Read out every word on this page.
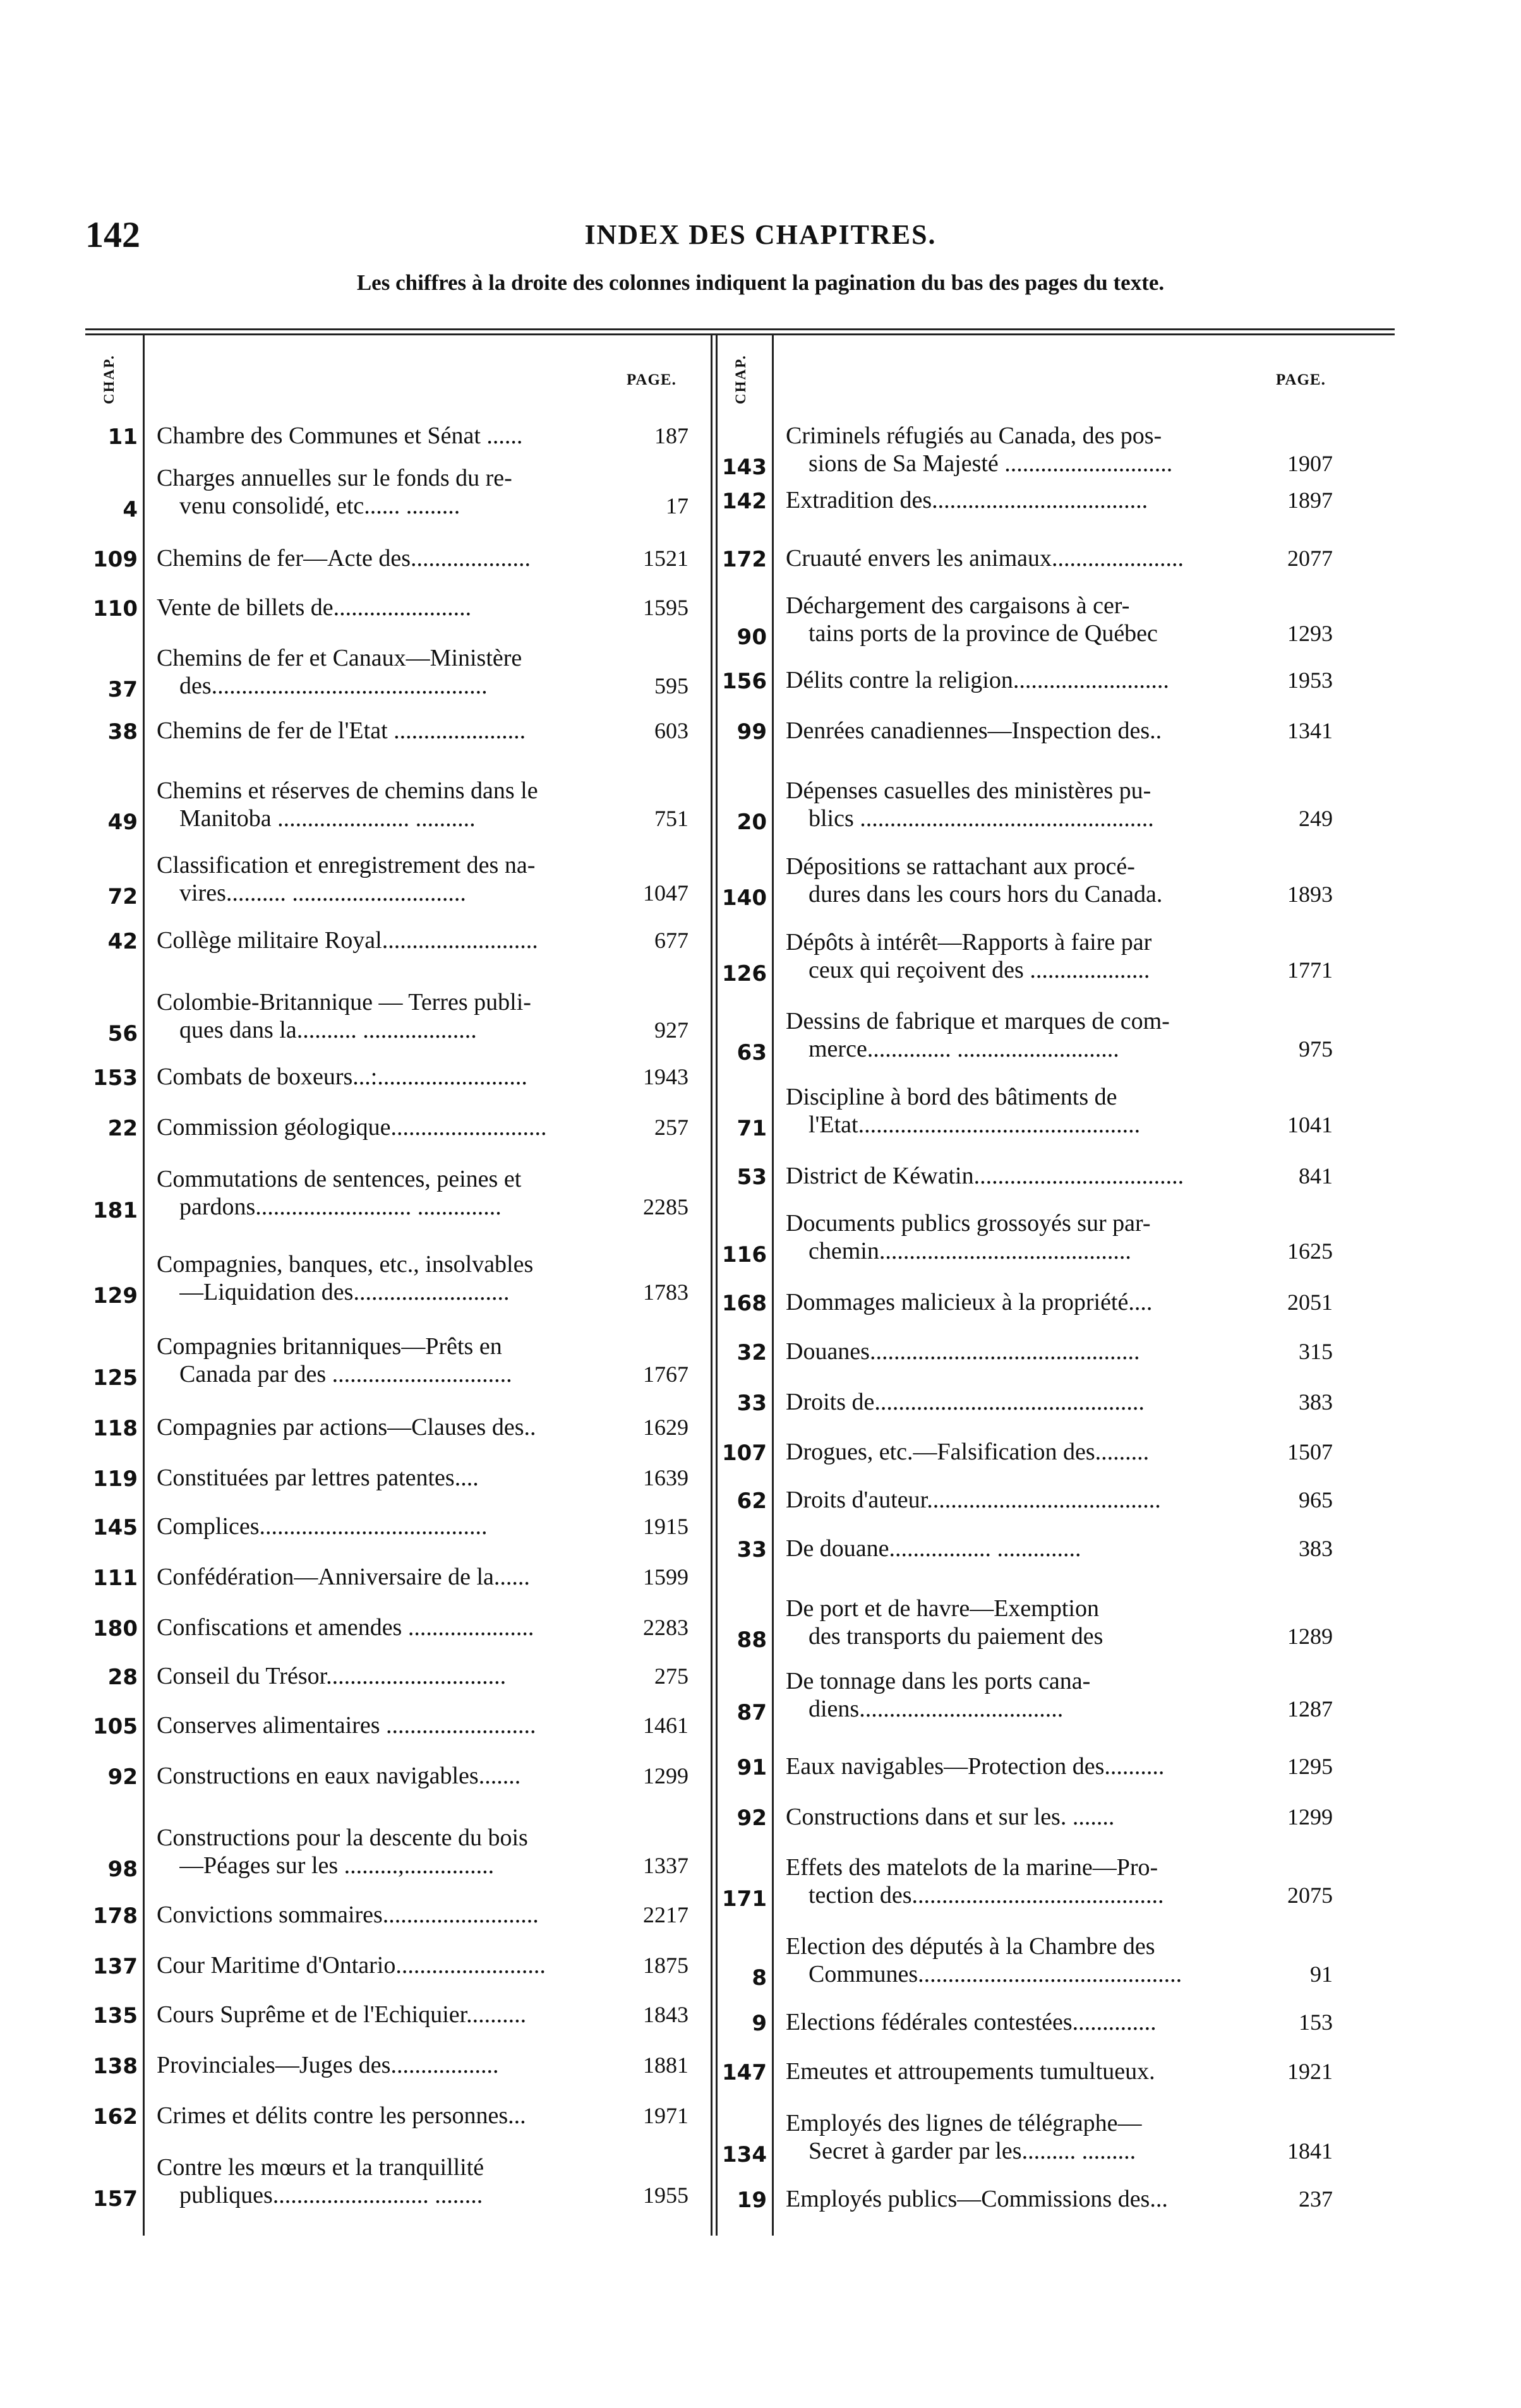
142	INDEX DES CHAPITRES.
Les chiffres à la droite des colonnes indiquent la pagination du bas des pages du texte.
CHAP.	CHAP.
PAGE.	PAGE.
11 Chambre des Communes et Sénat ......	187
4
Charges annuelles sur le fonds du re-
venu consolidé, etc...... .........	17
109 Chemins de fer—Acte des....................	1521
110 Vente de billets de.......................	1595
37
Chemins de fer et Canaux—Ministère
des..............................................	595
38 Chemins de fer de l'Etat ......................	603
49
Chemins et réserves de chemins dans le
Manitoba ...................... ..........	751
72
Classification et enregistrement des na-
vires.......... .............................	1047
42 Collège militaire Royal..........................	677
56
Colombie-Britannique — Terres publi-
ques dans la.......... ...................	927
153 Combats de boxeurs...:.........................	1943
22 Commission géologique..........................	257
181
Commutations de sentences, peines et
pardons.......................... ..............	2285
129
Compagnies, banques, etc., insolvables
—Liquidation des..........................	1783
125
Compagnies britanniques—Prêts en
Canada par des ..............................	1767
118 Compagnies par actions—Clauses des..	1629
119 Constituées par lettres patentes....	1639
145 Complices......................................	1915
111 Confédération—Anniversaire de la......	1599
180 Confiscations et amendes .....................	2283
28 Conseil du Trésor..............................	275
105 Conserves alimentaires .........................	1461
92 Constructions en eaux navigables.......	1299
98
Constructions pour la descente du bois
—Péages sur les .........,...............	1337
178 Convictions sommaires..........................	2217
137 Cour Maritime d'Ontario.........................	1875
135 Cours Suprême et de l'Echiquier..........	1843
138 Provinciales—Juges des..................	1881
162 Crimes et délits contre les personnes...	1971
157
Contre les mœurs et la tranquillité
publiques.......................... ........	1955
143
Criminels réfugiés au Canada, des pos-
sions de Sa Majesté ............................	1907
142 Extradition des....................................	1897
172 Cruauté envers les animaux......................	2077
90
Déchargement des cargaisons à cer-
tains ports de la province de Québec	1293
156 Délits contre la religion..........................	1953
99 Denrées canadiennes—Inspection des..	1341
20
Dépenses casuelles des ministères pu-
blics .................................................	249
140
Dépositions se rattachant aux procé-
dures dans les cours hors du Canada.	1893
126
Dépôts à intérêt—Rapports à faire par
ceux qui reçoivent des ....................	1771
63
Dessins de fabrique et marques de com-
merce.............. ...........................	975
71
Discipline à bord des bâtiments de
l'Etat...............................................	1041
53 District de Kéwatin...................................	841
116
Documents publics grossoyés sur par-
chemin..........................................	1625
168 Dommages malicieux à la propriété....	2051
32 Douanes.............................................	315
33 Droits de.............................................	383
107 Drogues, etc.—Falsification des.........	1507
62 Droits d'auteur.......................................	965
33 De douane................. ..............	383
88
De port et de havre—Exemption
des transports du paiement des	1289
87
De tonnage dans les ports cana-
diens..................................	1287
91 Eaux navigables—Protection des..........	1295
92 Constructions dans et sur les. .......	1299
171
Effets des matelots de la marine—Pro-
tection des..........................................	2075
8
Election des députés à la Chambre des
Communes............................................	91
9 Elections fédérales contestées..............	153
147 Emeutes et attroupements tumultueux.	1921
134
Employés des lignes de télégraphe—
Secret à garder par les......... .........	1841
19 Employés publics—Commissions des...	237
